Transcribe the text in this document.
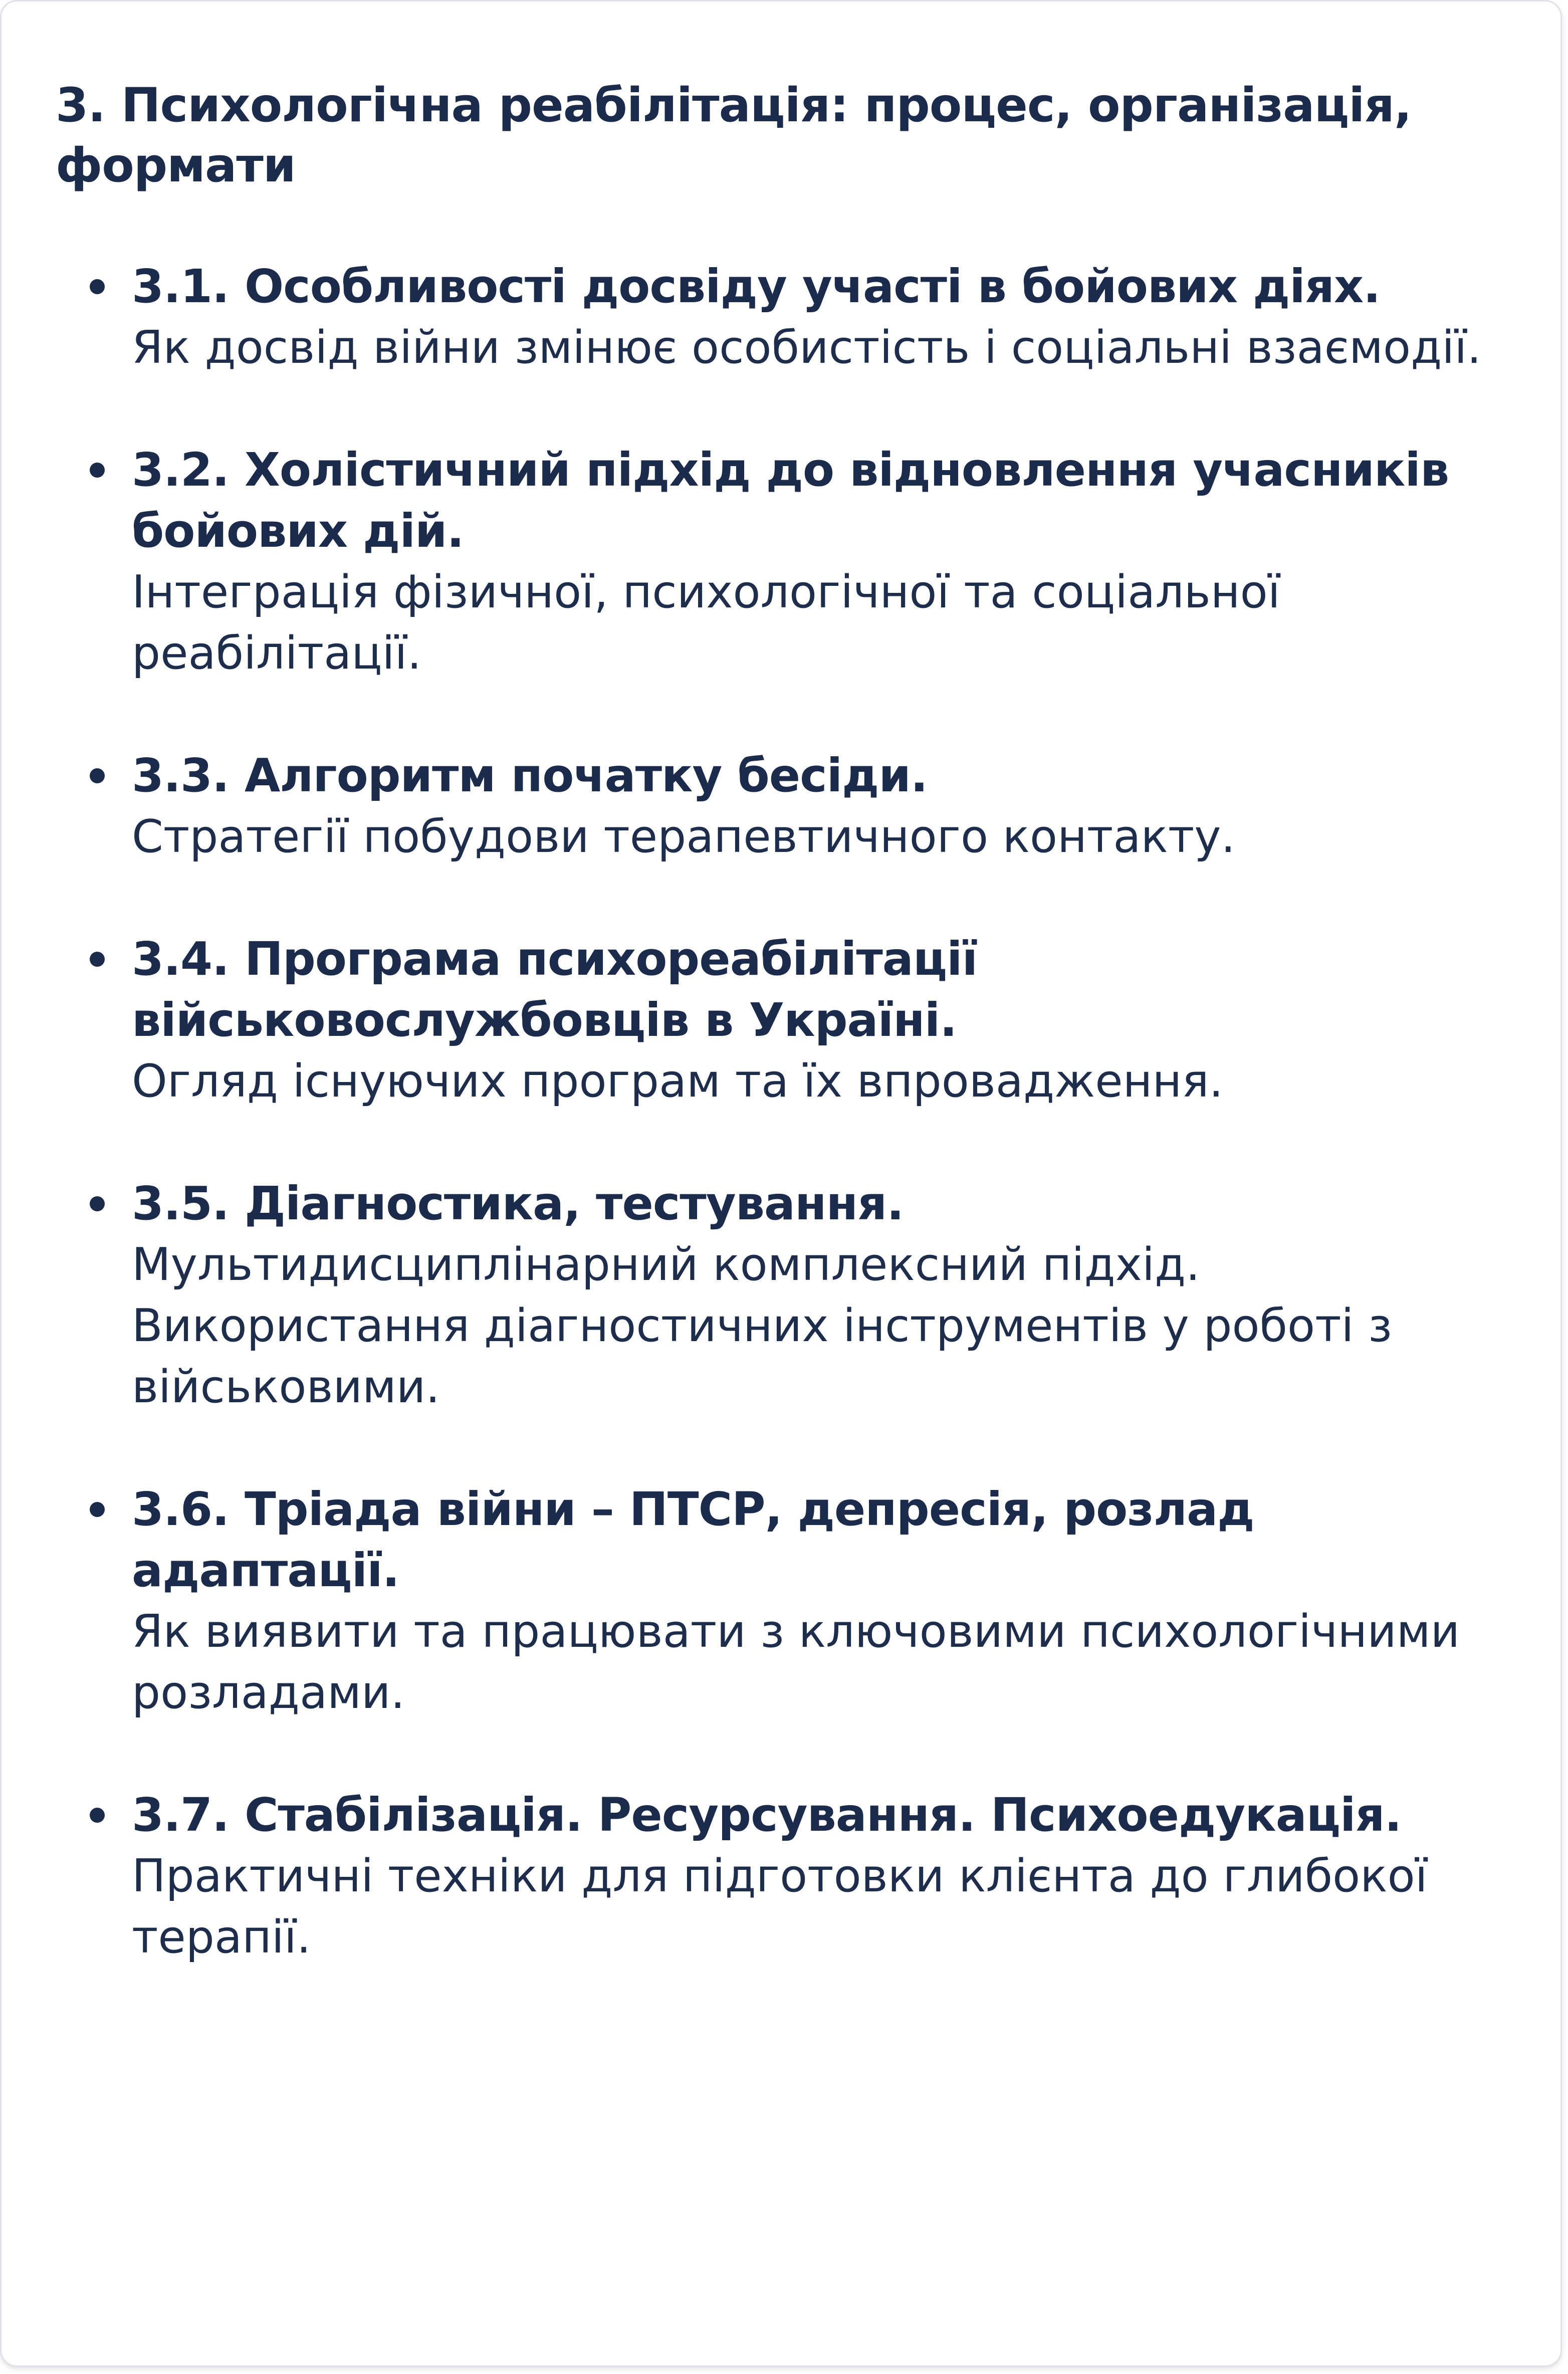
3. Психологічна реабілітація: процес, організація, формати
3.1. Особливості досвіду участі в бойових діях.
Як досвід війни змінює особистість і соціальні взаємодії.
3.2. Холістичний підхід до відновлення учасників бойових дій.
Інтеграція фізичної, психологічної та соціальної реабілітації.
3.3. Алгоритм початку бесіди.
Стратегії побудови терапевтичного контакту.
3.4. Програма психореабілітації військовослужбовців в Україні.
Огляд існуючих програм та їх впровадження.
3.5. Діагностика, тестування.
Мультидисциплінарний комплексний підхід. Використання діагностичних інструментів у роботі з військовими.
3.6. Тріада війни – ПТСР, депресія, розлад адаптації.
Як виявити та працювати з ключовими психологічними розладами.
3.7. Стабілізація. Ресурсування. Психоедукація.
Практичні техніки для підготовки клієнта до глибокої терапії.
